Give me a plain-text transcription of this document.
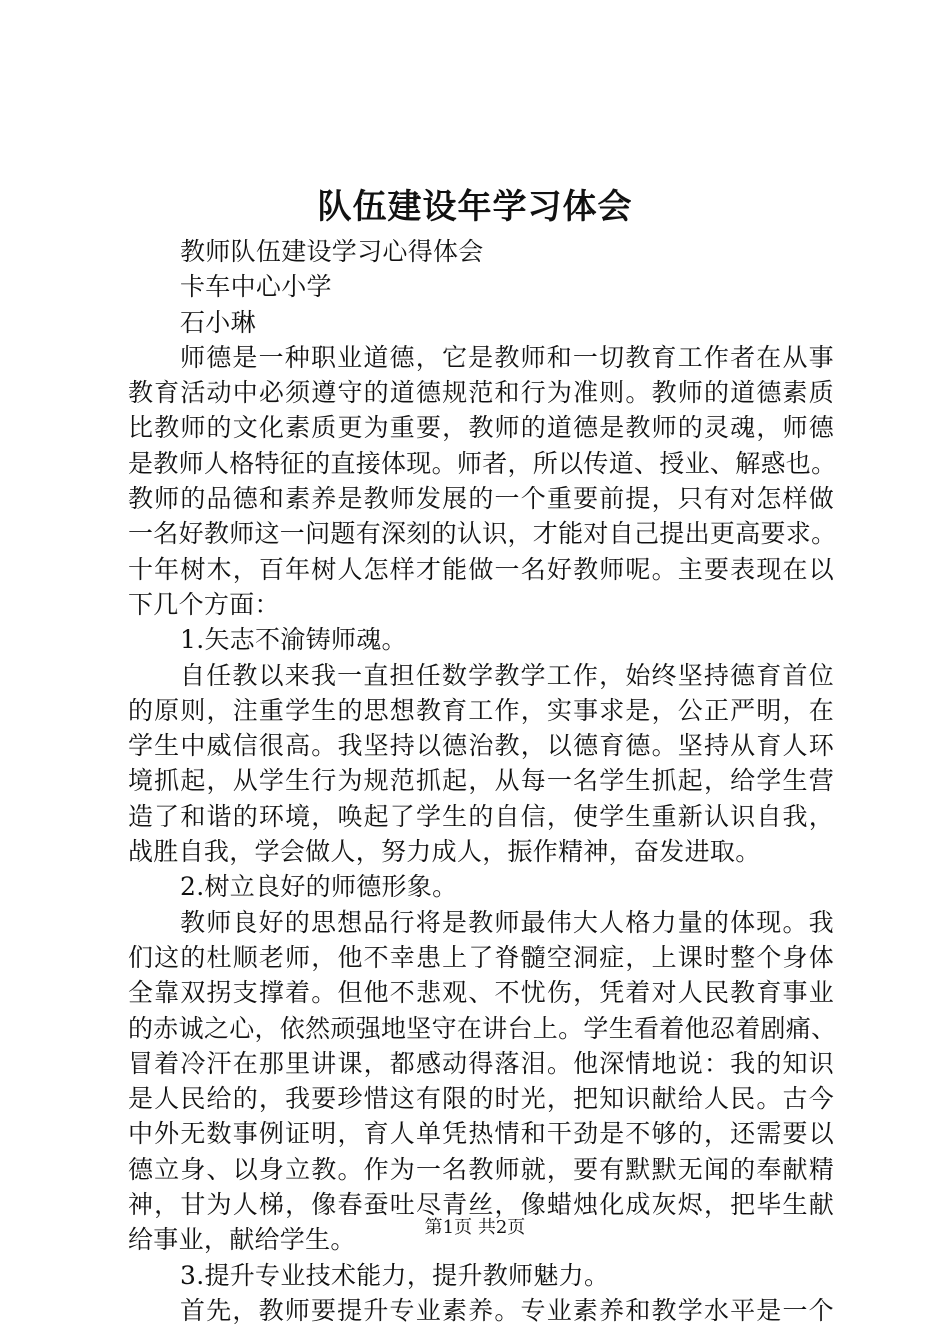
队伍建设年学习体会
教师队伍建设学习心得体会
卡车中心小学
石小琳
师德是一种职业道德，它是教师和一切教育工作者在从事
教育活动中必须遵守的道德规范和行为准则。教师的道德素质
比教师的文化素质更为重要，教师的道德是教师的灵魂，师德
是教师人格特征的直接体现。师者，所以传道、授业、解惑也。
教师的品德和素养是教师发展的一个重要前提，只有对怎样做
一名好教师这一问题有深刻的认识，才能对自己提出更高要求。
十年树木，百年树人怎样才能做一名好教师呢。主要表现在以
下几个方面：
1.矢志不渝铸师魂。
自任教以来我一直担任数学教学工作，始终坚持德育首位
的原则，注重学生的思想教育工作，实事求是，公正严明，在
学生中威信很高。我坚持以德治教，以德育德。坚持从育人环
境抓起，从学生行为规范抓起，从每一名学生抓起，给学生营
造了和谐的环境，唤起了学生的自信，使学生重新认识自我，
战胜自我，学会做人，努力成人，振作精神，奋发进取。
2.树立良好的师德形象。
教师良好的思想品行将是教师最伟大人格力量的体现。我
们这的杜顺老师，他不幸患上了脊髓空洞症，上课时整个身体
全靠双拐支撑着。但他不悲观、不忧伤，凭着对人民教育事业
的赤诚之心，依然顽强地坚守在讲台上。学生看着他忍着剧痛、
冒着冷汗在那里讲课，都感动得落泪。他深情地说：我的知识
是人民给的，我要珍惜这有限的时光，把知识献给人民。古今
中外无数事例证明，育人单凭热情和干劲是不够的，还需要以
德立身、以身立教。作为一名教师就，要有默默无闻的奉献精
神，甘为人梯，像春蚕吐尽青丝，像蜡烛化成灰烬，把毕生献
给事业，献给学生。
3.提升专业技术能力，提升教师魅力。
首先，教师要提升专业素养。专业素养和教学水平是一个
第1页 共2页
